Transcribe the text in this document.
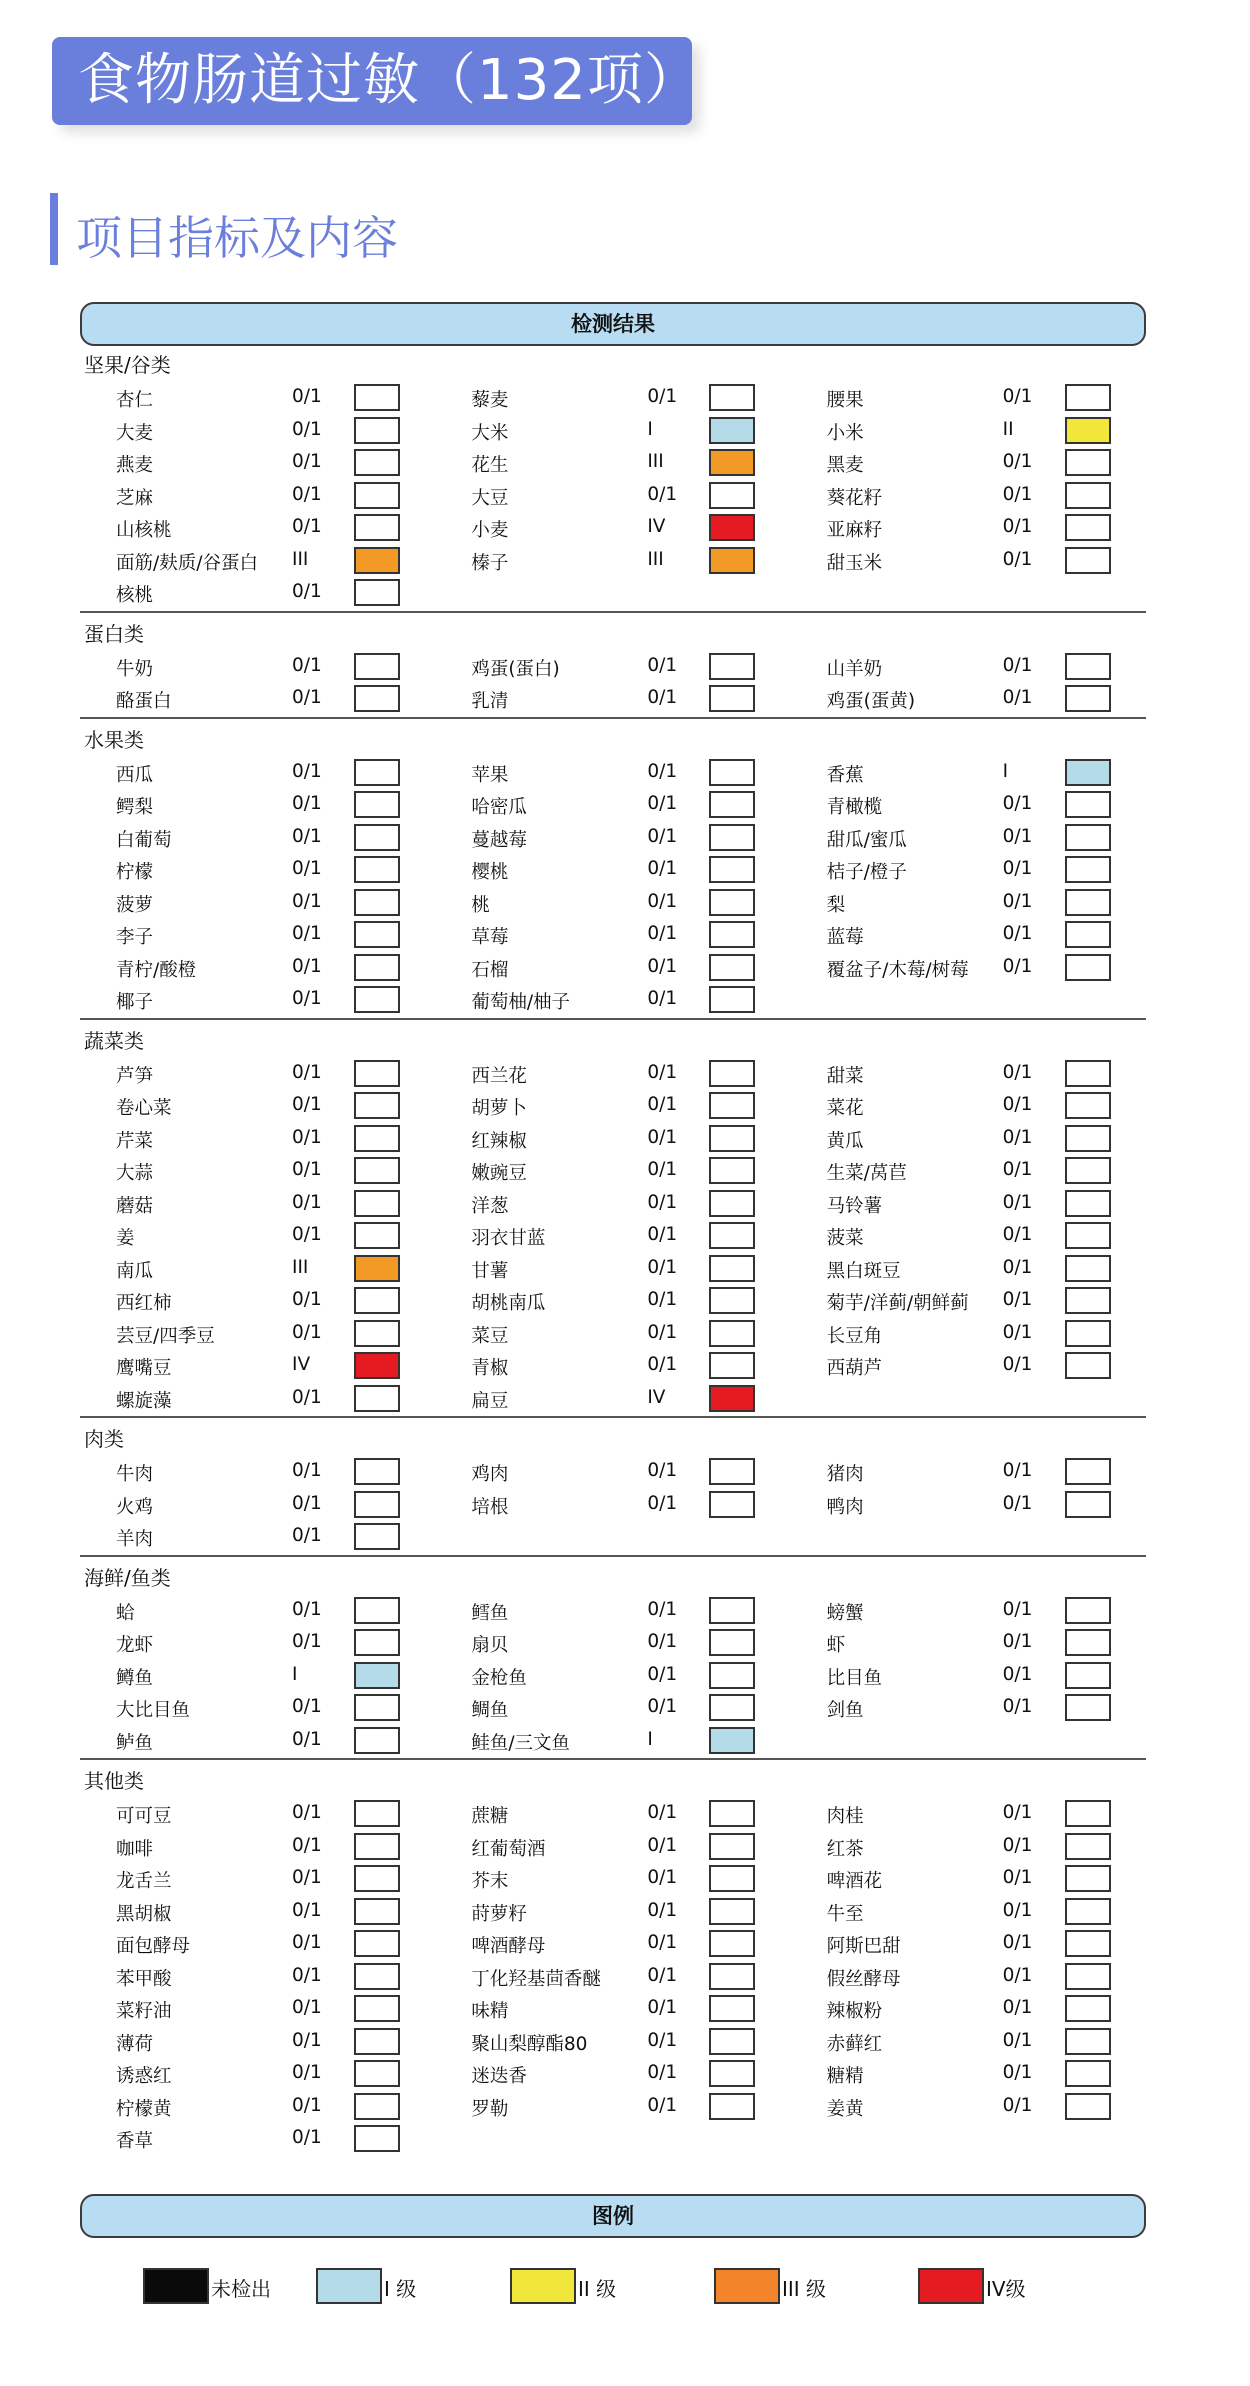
食物肠道过敏（132项）
项目指标及内容
检测结果
坚果/谷类
杏仁	0/1	藜麦	0/1	腰果	0/1
大麦	0/1	大米	I	小米	II
燕麦	0/1	花生	III	黑麦	0/1
芝麻	0/1	大豆	0/1	葵花籽	0/1
山核桃	0/1	小麦	IV	亚麻籽	0/1
面筋/麸质/谷蛋白 III	榛子	III	甜玉米	0/1
核桃	0/1
蛋白类
牛奶	0/1	鸡蛋(蛋白)	0/1	山羊奶	0/1
酪蛋白	0/1	乳清	0/1	鸡蛋(蛋黄)	0/1
水果类
西瓜	0/1	苹果	0/1	香蕉	I
鳄梨	0/1	哈密瓜	0/1	青橄榄	0/1
白葡萄	0/1	蔓越莓	0/1	甜瓜/蜜瓜	0/1
柠檬	0/1	樱桃	0/1	桔子/橙子	0/1
菠萝	0/1	桃	0/1	梨	0/1
李子	0/1	草莓	0/1	蓝莓	0/1
青柠/酸橙	0/1	石榴	0/1	覆盆子/木莓/树莓 0/1
椰子	0/1	葡萄柚/柚子	0/1
蔬菜类
芦笋	0/1	西兰花	0/1	甜菜	0/1
卷心菜	0/1	胡萝卜	0/1	菜花	0/1
芹菜	0/1	红辣椒	0/1	黄瓜	0/1
大蒜	0/1	嫩豌豆	0/1	生菜/莴苣	0/1
蘑菇	0/1	洋葱	0/1	马铃薯	0/1
姜	0/1	羽衣甘蓝	0/1	菠菜	0/1
南瓜	III	甘薯	0/1	黑白斑豆	0/1
西红柿	0/1	胡桃南瓜	0/1	菊芋/洋蓟/朝鲜蓟 0/1
芸豆/四季豆	0/1	菜豆	0/1	长豆角	0/1
鹰嘴豆	IV	青椒	0/1	西葫芦	0/1
螺旋藻	0/1	扁豆	IV
肉类
牛肉	0/1	鸡肉	0/1	猪肉	0/1
火鸡	0/1	培根	0/1	鸭肉	0/1
羊肉	0/1
海鲜/鱼类
蛤	0/1	鳕鱼	0/1	螃蟹	0/1
龙虾	0/1	扇贝	0/1	虾	0/1
鳟鱼	I	金枪鱼	0/1	比目鱼	0/1
大比目鱼	0/1	鲷鱼	0/1	剑鱼	0/1
鲈鱼	0/1	鲑鱼/三文鱼	I
其他类
可可豆	0/1	蔗糖	0/1	肉桂	0/1
咖啡	0/1	红葡萄酒	0/1	红茶	0/1
龙舌兰	0/1	芥末	0/1	啤酒花	0/1
黑胡椒	0/1	莳萝籽	0/1	牛至	0/1
面包酵母	0/1	啤酒酵母	0/1	阿斯巴甜	0/1
苯甲酸	0/1	丁化羟基茴香醚	0/1	假丝酵母	0/1
菜籽油	0/1	味精	0/1	辣椒粉	0/1
薄荷	0/1	聚山梨醇酯80	0/1	赤藓红	0/1
诱惑红	0/1	迷迭香	0/1	糖精	0/1
柠檬黄	0/1	罗勒	0/1	姜黄	0/1
香草	0/1
图例
未检出	I 级	II 级	III 级	IV级
